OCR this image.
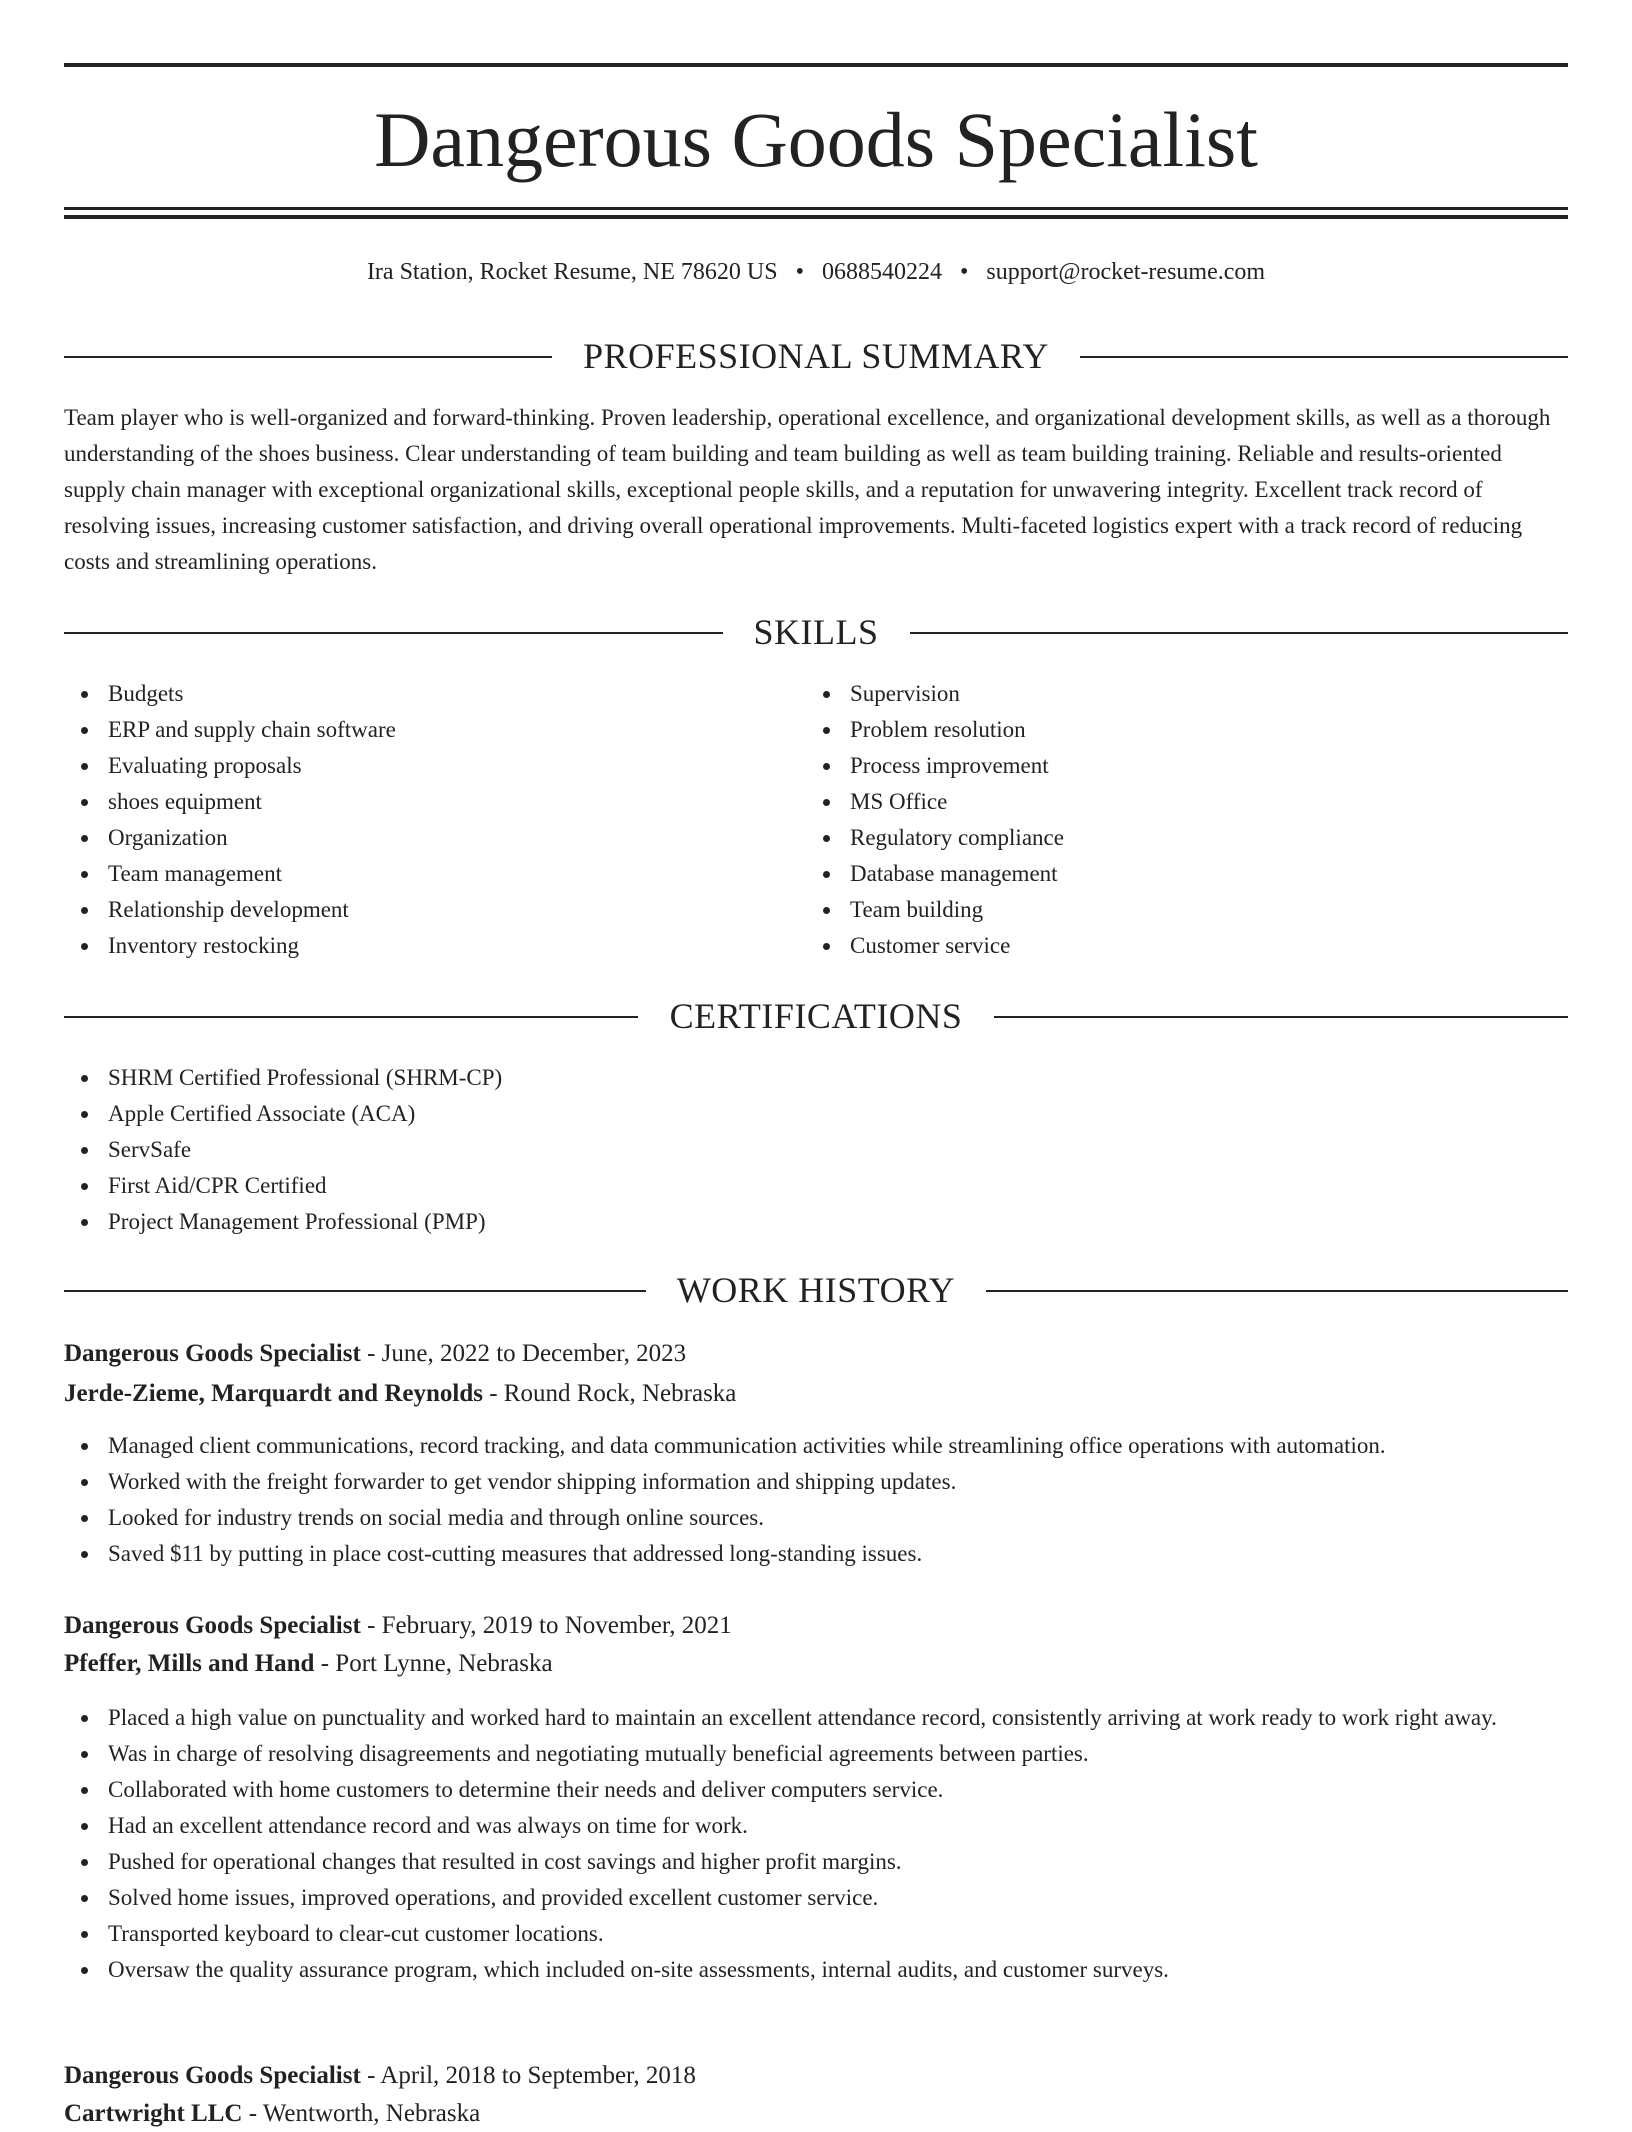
Dangerous Goods Specialist
Ira Station, Rocket Resume, NE 78620 US • 0688540224 • support@rocket-resume.com
PROFESSIONAL SUMMARY

Team player who is well-organized and forward-thinking. Proven leadership, operational excellence, and organizational development skills, as well as a thorough understanding of the shoes business. Clear understanding of team building and team building as well as team building training. Reliable and results-oriented supply chain manager with exceptional organizational skills, exceptional people skills, and a reputation for unwavering integrity. Excellent track record of resolving issues, increasing customer satisfaction, and driving overall operational improvements. Multi-faceted logistics expert with a track record of reducing costs and streamlining operations.

SKILLS
Budgets
ERP and supply chain software
Evaluating proposals
shoes equipment
Organization
Team management
Relationship development
Inventory restocking
Supervision
Problem resolution
Process improvement
MS Office
Regulatory compliance
Database management
Team building
Customer service
CERTIFICATIONS
SHRM Certified Professional (SHRM-CP)
Apple Certified Associate (ACA)
ServSafe
First Aid/CPR Certified
Project Management Professional (PMP)
WORK HISTORY
Dangerous Goods Specialist - June, 2022 to December, 2023
Jerde-Zieme, Marquardt and Reynolds - Round Rock, Nebraska
Managed client communications, record tracking, and data communication activities while streamlining office operations with automation.
Worked with the freight forwarder to get vendor shipping information and shipping updates.
Looked for industry trends on social media and through online sources.
Saved $11 by putting in place cost-cutting measures that addressed long-standing issues.
Dangerous Goods Specialist - February, 2019 to November, 2021
Pfeffer, Mills and Hand - Port Lynne, Nebraska
Placed a high value on punctuality and worked hard to maintain an excellent attendance record, consistently arriving at work ready to work right away.
Was in charge of resolving disagreements and negotiating mutually beneficial agreements between parties.
Collaborated with home customers to determine their needs and deliver computers service.
Had an excellent attendance record and was always on time for work.
Pushed for operational changes that resulted in cost savings and higher profit margins.
Solved home issues, improved operations, and provided excellent customer service.
Transported keyboard to clear-cut customer locations.
Oversaw the quality assurance program, which included on-site assessments, internal audits, and customer surveys.
Dangerous Goods Specialist - April, 2018 to September, 2018
Cartwright LLC - Wentworth, Nebraska
